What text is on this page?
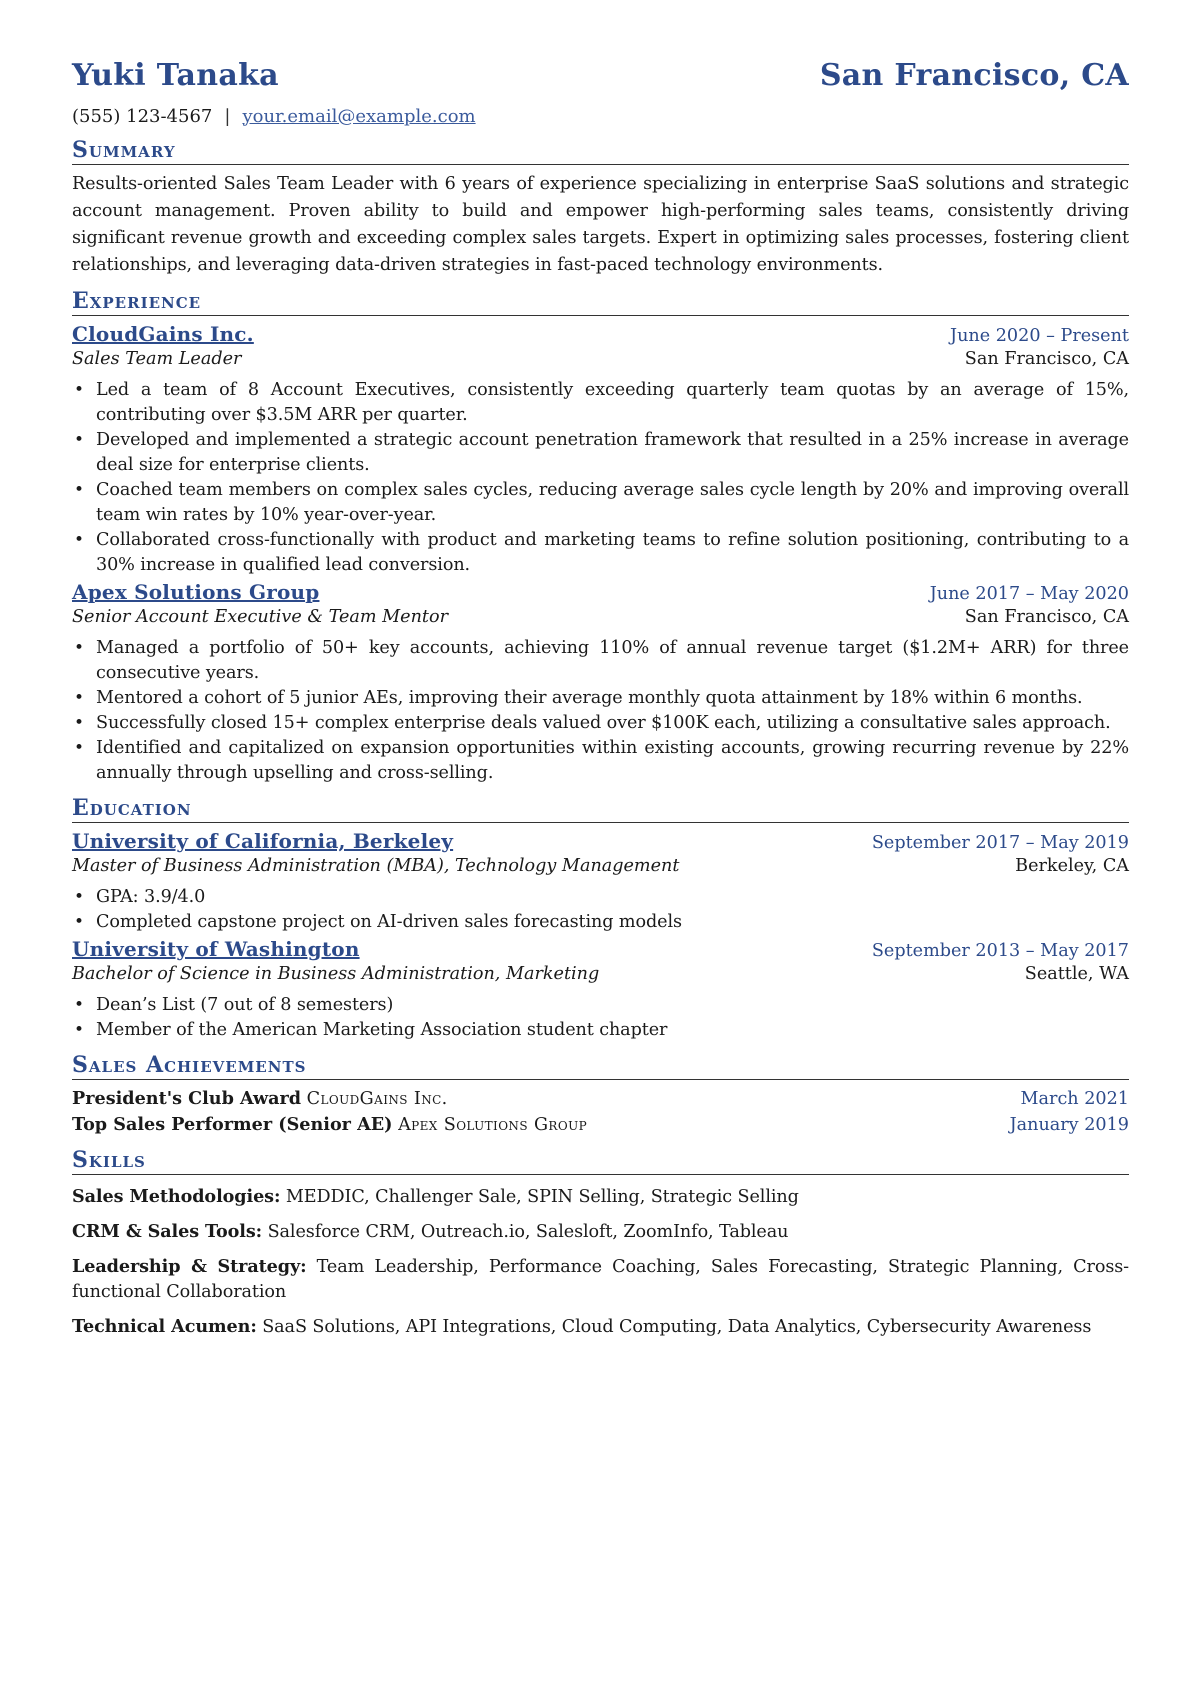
Yuki Tanaka	San Francisco, CA
(555) 123-4567 | your.email@example.com
Summary
Results-oriented Sales Team Leader with 6 years of experience specializing in enterprise SaaS solutions and strategic account management. Proven ability to build and empower high-performing sales teams, consistently driving significant revenue growth and exceeding complex sales targets. Expert in optimizing sales processes, fostering client relationships, and leveraging data-driven strategies in fast-paced technology environments.
Experience
CloudGains Inc.	June 2020 – Present
Sales Team Leader	San Francisco, CA
• Led a team of 8 Account Executives, consistently exceeding quarterly team quotas by an average of 15%, contributing over $3.5M ARR per quarter.
• Developed and implemented a strategic account penetration framework that resulted in a 25% increase in average deal size for enterprise clients.
• Coached team members on complex sales cycles, reducing average sales cycle length by 20% and improving overall team win rates by 10% year-over-year.
• Collaborated cross-functionally with product and marketing teams to refine solution positioning, contributing to a 30% increase in qualified lead conversion.
Apex Solutions Group	June 2017 – May 2020
Senior Account Executive & Team Mentor	San Francisco, CA
• Managed a portfolio of 50+ key accounts, achieving 110% of annual revenue target ($1.2M+ ARR) for three consecutive years.
• Mentored a cohort of 5 junior AEs, improving their average monthly quota attainment by 18% within 6 months.
• Successfully closed 15+ complex enterprise deals valued over $100K each, utilizing a consultative sales approach.
• Identified and capitalized on expansion opportunities within existing accounts, growing recurring revenue by 22% annually through upselling and cross-selling.
Education
University of California, Berkeley	September 2017 – May 2019
Master of Business Administration (MBA), Technology Management	Berkeley, CA
• GPA: 3.9/4.0
• Completed capstone project on AI-driven sales forecasting models
University of Washington	September 2013 – May 2017
Bachelor of Science in Business Administration, Marketing	Seattle, WA
• Dean’s List (7 out of 8 semesters)
• Member of the American Marketing Association student chapter
Sales Achievements
President's Club Award CloudGains Inc.	March 2021
Top Sales Performer (Senior AE) Apex Solutions Group	January 2019
Skills
Sales Methodologies: MEDDIC, Challenger Sale, SPIN Selling, Strategic Selling
CRM & Sales Tools: Salesforce CRM, Outreach.io, Salesloft, ZoomInfo, Tableau
Leadership & Strategy: Team Leadership, Performance Coaching, Sales Forecasting, Strategic Planning, Cross-functional Collaboration
Technical Acumen: SaaS Solutions, API Integrations, Cloud Computing, Data Analytics, Cybersecurity Awareness
